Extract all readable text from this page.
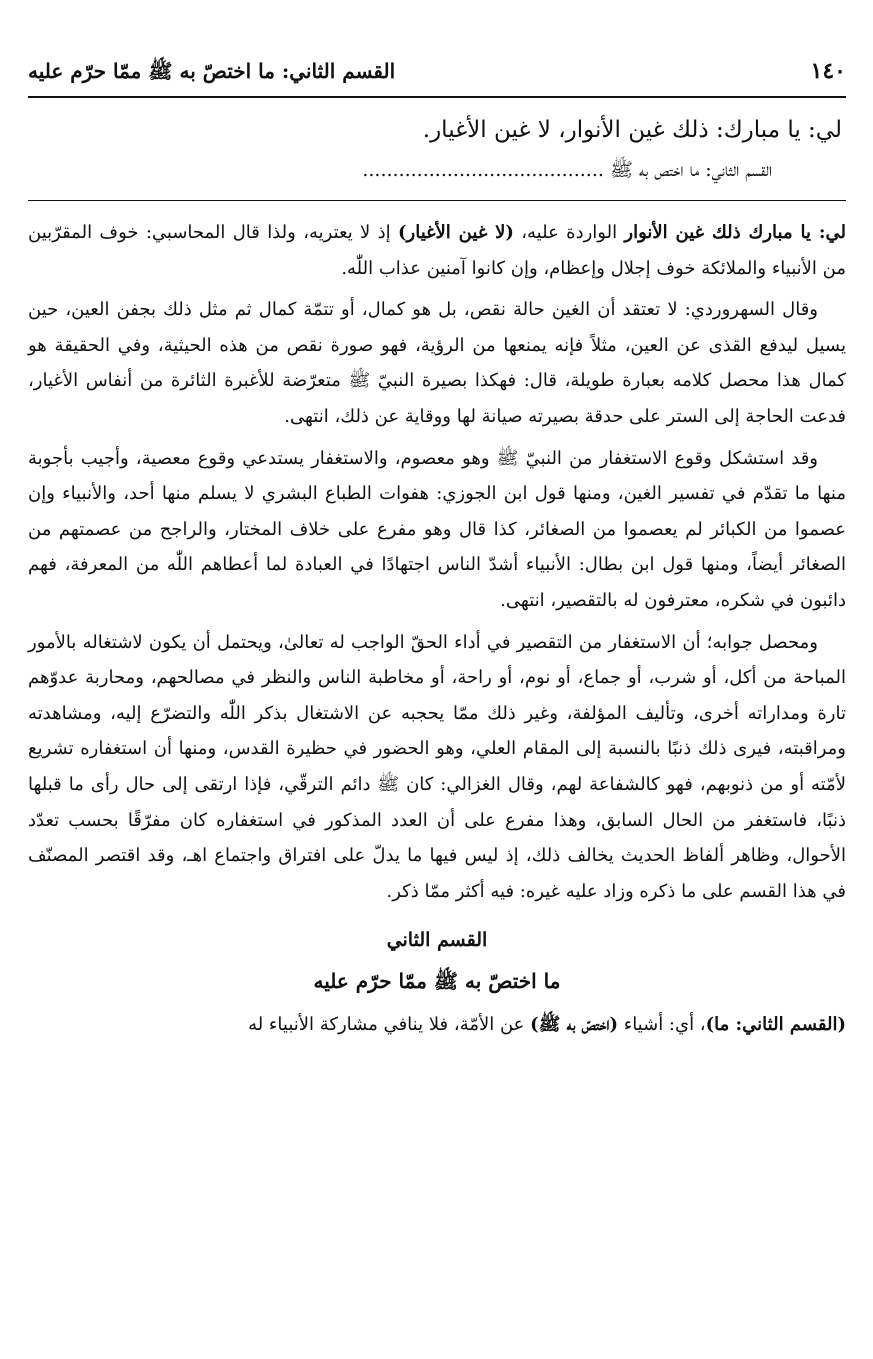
١٤٠
القسم الثاني: ما اختصّ به ﷺ ممّا حرّم عليه
لي: يا مبارك: ذلك غين الأنوار، لا غين الأغيار.
القسم الثاني: ما اختص به ﷺ ........................................

لي: يا مبارك ذلك غين الأنوار الواردة عليه، (لا غين الأغيار) إذ لا يعتريه، ولذا قال المحاسبي: خوف المقرّبين من الأنبياء والملائكة خوف إجلال وإعظام، وإن كانوا آمنين عذاب اللّٰه.

وقال السهروردي: لا تعتقد أن الغين حالة نقص، بل هو كمال، أو تتمّة كمال ثم مثل ذلك بجفن العين، حين يسيل ليدفع القذى عن العين، مثلاً فإنه يمنعها من الرؤية، فهو صورة نقص من هذه الحيثية، وفي الحقيقة هو كمال هذا محصل كلامه بعبارة طويلة، قال: فهكذا بصيرة النبيّ ﷺ متعرّضة للأغبرة الثائرة من أنفاس الأغيار، فدعت الحاجة إلى الستر على حدقة بصيرته صيانة لها ووقاية عن ذلك، انتهى.

وقد استشكل وقوع الاستغفار من النبيّ ﷺ وهو معصوم، والاستغفار يستدعي وقوع معصية، وأجيب بأجوبة منها ما تقدّم في تفسير الغين، ومنها قول ابن الجوزي: هفوات الطباع البشري لا يسلم منها أحد، والأنبياء وإن عصموا من الكبائر لم يعصموا من الصغائر، كذا قال وهو مفرع على خلاف المختار، والراجح من عصمتهم من الصغائر أيضاً، ومنها قول ابن بطال: الأنبياء أشدّ الناس اجتهادًا في العبادة لما أعطاهم اللّٰه من المعرفة، فهم دائبون في شكره، معترفون له بالتقصير، انتهى.

ومحصل جوابه؛ أن الاستغفار من التقصير في أداء الحقّ الواجب له تعالىٰ، ويحتمل أن يكون لاشتغاله بالأمور المباحة من أكل، أو شرب، أو جماع، أو نوم، أو راحة، أو مخاطبة الناس والنظر في مصالحهم، ومحاربة عدوّهم تارة ومداراته أخرى، وتأليف المؤلفة، وغير ذلك ممّا يحجبه عن الاشتغال بذكر اللّٰه والتضرّع إليه، ومشاهدته ومراقبته، فيرى ذلك ذنبًا بالنسبة إلى المقام العلي، وهو الحضور في حظيرة القدس، ومنها أن استغفاره تشريع لأمّته أو من ذنوبهم، فهو كالشفاعة لهم، وقال الغزالي: كان ﷺ دائم الترقّي، فإذا ارتقى إلى حال رأى ما قبلها ذنبًا، فاستغفر من الحال السابق، وهذا مفرع على أن العدد المذكور في استغفاره كان مفرّقًا بحسب تعدّد الأحوال، وظاهر ألفاظ الحديث يخالف ذلك، إذ ليس فيها ما يدلّ على افتراق واجتماع اهـ، وقد اقتصر المصنّف في هذا القسم على ما ذكره وزاد عليه غيره: فيه أكثر ممّا ذكر.

القسم الثاني
ما اختصّ به ﷺ ممّا حرّم عليه

(القسم الثاني: ما)، أي: أشياء (اختصّ به ﷺ) عن الأمّة، فلا ينافي مشاركة الأنبياء له
